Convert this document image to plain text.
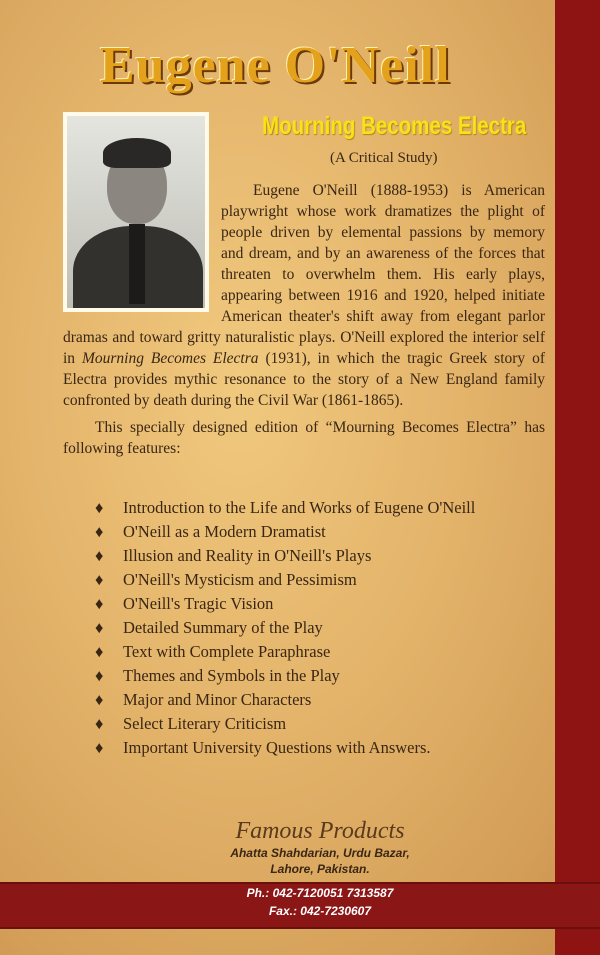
Eugene O'Neill
Mourning Becomes Electra
(A Critical Study)

Eugene O'Neill (1888-1953) is American playwright whose work dramatizes the plight of people driven by elemental passions by memory and dream, and by an awareness of the forces that threaten to overwhelm them. His early plays, appearing between 1916 and 1920, helped initiate American theater's shift away from elegant parlor dramas and toward gritty naturalistic plays. O'Neill explored the interior self in Mourning Becomes Electra (1931), in which the tragic Greek story of Electra provides mythic resonance to the story of a New England family confronted by death during the Civil War (1861-1865).

This specially designed edition of “Mourning Becomes Electra” has following features:

♦ Introduction to the Life and Works of Eugene O'Neill
♦ O'Neill as a Modern Dramatist
♦ Illusion and Reality in O'Neill's Plays
♦ O'Neill's Mysticism and Pessimism
♦ O'Neill's Tragic Vision
♦ Detailed Summary of the Play
♦ Text with Complete Paraphrase
♦ Themes and Symbols in the Play
♦ Major and Minor Characters
♦ Select Literary Criticism
♦ Important University Questions with Answers.
Famous Products
Ahatta Shahdarian, Urdu Bazar,
Lahore, Pakistan.
Ph.: 042-7120051 7313587
Fax.: 042-7230607
